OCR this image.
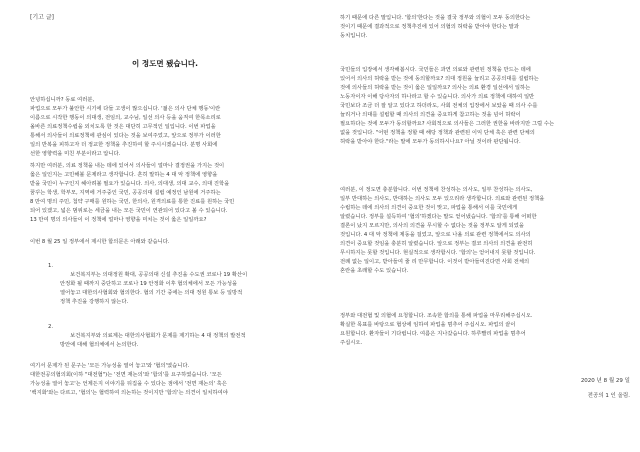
[기고 글]
이 정도면 됐습니다.

안녕하십니까? 동료 여러분,
파업으로 모두가 불안한 시기에 다들 고생이 많으십니다. '젊은 의사 단체 행동'이란
이름으로 시작한 행동이 의대생, 전임의, 교수님, 일선 의사 등을 움직여 한목소리로
올바른 의료정책수립을 외치도록 한 것은 대단히 고무적인 일입니다. 이번 파업을
통해서 의사들이 의료정책에 관심이 있다는 것을 보여주었고, 앞으로 정부가 이러한
일의 반복을 피하고자 더 정교한 정책을 추진하여 할 주시시겠습니다. 분명 사회에
선한 영향력을 미친 부분이라고 압니다.

하지만 여러분, 의료 정책을 내는 데에 있어서 의사들이 얼마나 결정권을 가지는 것이
옳은 일인지는 고민해볼 문제라고 생각합니다. 흔히 말하는 4 대 악 정책에 영향을
받을 국민이 누구인지 헤아려볼 필요가 있습니다. 의사, 의대생, 의대 교수, 의대 진학을
꿈꾸는 학생, 학부모, 지역에 거주중인 국민, 공공의대 설립 예정인 남원에 거주하는
8 만여 명의 주민, 첩약 구매를 원하는 국민, 한의사, 원격의료를 통한 진료를 원하는 국민
되어 있겠고, 넓은 범위로는 세금을 내는 모든 국민이 연관되어 있다고 볼 수 있습니다.
13 만여 명의 의사들이 이 정책에 얼마나 영향을 미치는 것이 옳은 일일까요?

이번 8 월 25 일 정부에서 제시한 합의문은 아래와 같습니다.

1.
보건복지부는 의대정원 확대, 공공의대 신설 추진을 수도권 코로나 19 확산이
안정화 될 때까지 중단하고 코로나 19 안정화 이후 협의체에서 모든 가능성을
열어놓고 대한의사협회와 협의한다. 협의 기간 중에는 의대 정원 통보 등 일방적
정책 추진을 강행하지 않는다.

2.
보건복지부와 의료계는 대한의사협회가 문제를 제기하는 4 대 정책의 발전적
방안에 대해 협의체에서 논의한다.

여기서 문제가 된 문구는 '모든 가능성을 열어 놓고'와 '협의'였습니다.
대한전공의협의회(이하 "대전협")는 '전면 재논의'와 '합의'를 요구하였습니다. '모든
가능성을 열어 놓고'는 언제든지 이야기를 뒤집을 수 있다는 점에서 '전면 재논의' 혹은
'백지화'와는 다르고, '협의'는 협력하여 의논하는 것이지만 '합의'는 의견이 일치하여야

하기 때문에 다른 말입니다. '합의'한다는 것을 결국 정부와 의협이 모두 동의한다는
것이기 때문에 결과적으로 정책추진에 있어 의협의 허락을 받아야 한다는 말과
동치입니다.

국민들의 입장에서 생각해봅시다. 국민들은 과연 의료와 관련된 정책을 만드는 데에
있어서 의사의 허락을 받는 것에 동의할까요? 의대 정원을 늘리고 공공의대를 설립하는
것에 의사들의 허락을 받는 것이 옳은 일일까요? 의사는 의료 환경 일선에서 일하는
노동자이자 이해 당사자의 하나라고 할 수 있습니다. 의사가 의료 정책에 대하여 일반
국민보다 조금 더 잘 알고 있다고 하더라도, 사회 전체의 입장에서 보았을 때 의사 수를
늘리거나 의대를 설립할 때 의사의 의견을 중요하게 참고하는 것을 넘어 허락이
필요하다는 것에 모두가 동의할까요? 사회적으로 의사들은 그러한 권한을 바라지만 그럴 수는
없을 것입니다. "어떤 정책을 정할 때 해당 정책과 관련된 이익 단체 혹은 관련 단체의
허락을 받아야 한다."라는 말에 모두가 동의하시나요? 아닐 것이라 판단됩니다.

여러분, 이 정도면 충분합니다. 이번 정책에 찬성하는 의사도, 일부 찬성하는 의사도,
일부 반대하는 의사도, 반대하는 의사도 모두 있으리라 생각합니다. 의료와 관련된 정책을
수립하는 데에 의사의 의견이 중요한 것이 맞고, 파업을 통해서 이를 국민에게
알렸습니다. 정부를 설득하여 '협의'하겠다는 말도 얻어냈습니다. '합의'를 통해 어떠한
결론이 났지 모르지만, 의사의 의견을 무시할 수 없다는 것을 정부도 알게 되었을
것입니다. 4 대 악 정책에 제동을 걸었고, 앞으로 나올 의료 관련 정책에서도 의사의
의견이 중요할 것임을 충분히 알렸습니다. 앞으로 정부는 결코 의사의 의견을 완전히
무시하지는 못할 것입니다. 현실적으로 생각합시다. '합의'는 얻어내지 못할 것입니다.
전례 없는 일이고, 받아들여 줄 리 만무합니다. 이것이 받아들여진다면 사회 전체의
혼란을 초래할 수도 있습니다.

정부와 대전협 및 의협에 요청합니다. 조속한 합의를 통해 파업을 마무리해주십시오.
확실한 목표를 바탕으로 협상에 임하여 파업을 멈추어 주십시오. 파업의 끝이
요원합니다. 환자들이 기다립니다. 여름은 지나갔습니다. 하루빨리 파업을 멈추어
주십시오.

2020 년 8 월 29 일
전공의 1 인 올림.
